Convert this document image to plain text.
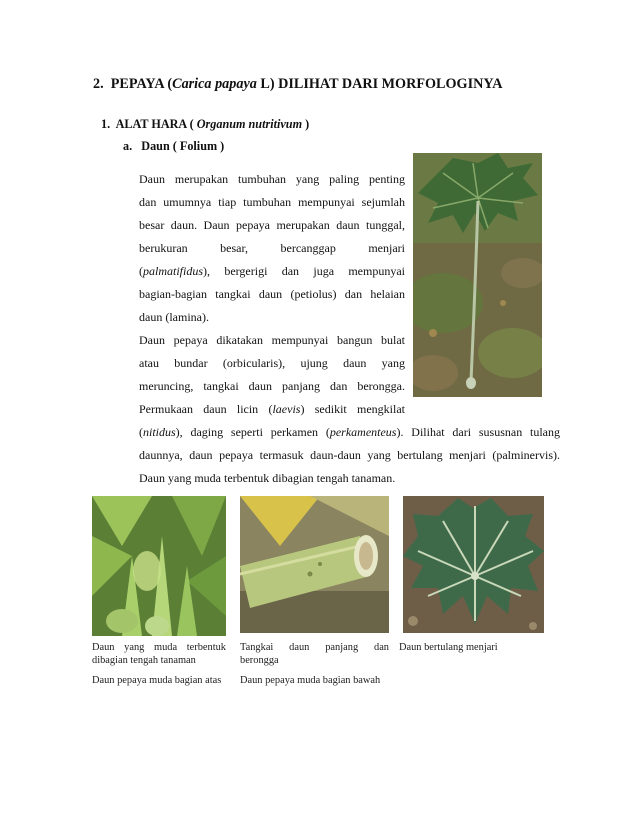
2. PEPAYA (Carica papaya L) DILIHAT DARI MORFOLOGINYA
1. ALAT HARA ( Organum nutritivum )
a. Daun ( Folium )
Daun merupakan tumbuhan yang paling penting
dan umumnya tiap tumbuhan mempunyai sejumlah
besar daun. Daun pepaya merupakan daun tunggal,
berukuran besar, bercanggap menjari
(palmatifidus), bergerigi dan juga mempunyai
bagian-bagian tangkai daun (petiolus) dan helaian
daun (lamina).
Daun pepaya dikatakan mempunyai bangun bulat
atau bundar (orbicularis), ujung daun yang
meruncing, tangkai daun panjang dan berongga.
Permukaan daun licin (laevis) sedikit mengkilat
(nitidus), daging seperti perkamen (perkamenteus). Dilihat dari sususnan tulang
daunnya, daun pepaya termasuk daun-daun yang bertulang menjari (palminervis).
Daun yang muda terbentuk dibagian tengah tanaman.
Daun yang muda terbentuk
dibagian tengah tanaman
Tangkai daun panjang dan
berongga
Daun bertulang menjari
Daun pepaya muda bagian atas Daun pepaya muda bagian bawah
